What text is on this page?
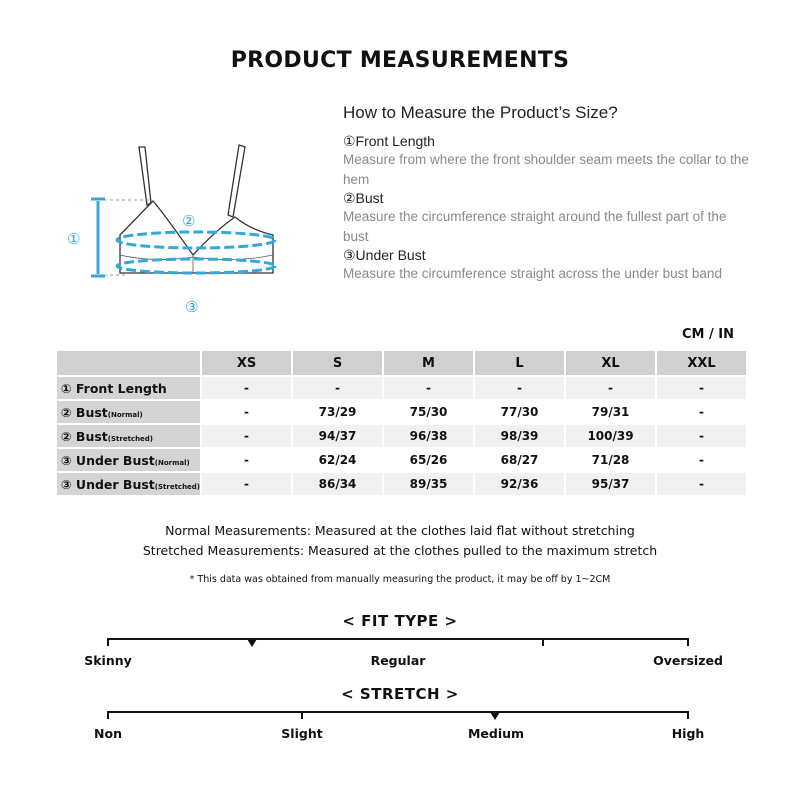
PRODUCT MEASUREMENTS
①
②
③
How to Measure the Product’s Size?
①Front Length
Measure from where the front shoulder seam meets the collar to the hem
②Bust
Measure the circumference straight around the fullest part of the bust
③Under Bust
Measure the circumference straight across the under bust band
CM / IN
	XS	S	M	L	XL	XXL
① Front Length	-	-	-	-	-	-
② Bust(Normal)	-	73/29	75/30	77/30	79/31	-
② Bust(Stretched)	-	94/37	96/38	98/39	100/39	-
③ Under Bust(Normal)	-	62/24	65/26	68/27	71/28	-
③ Under Bust(Stretched)	-	86/34	89/35	92/36	95/37	-
Normal Measurements: Measured at the clothes laid flat without stretching
Stretched Measurements: Measured at the clothes pulled to the maximum stretch
* This data was obtained from manually measuring the product, it may be off by 1~2CM
< FIT TYPE >
Skinny	Regular	Oversized
< STRETCH >
Non	Slight	Medium	High
